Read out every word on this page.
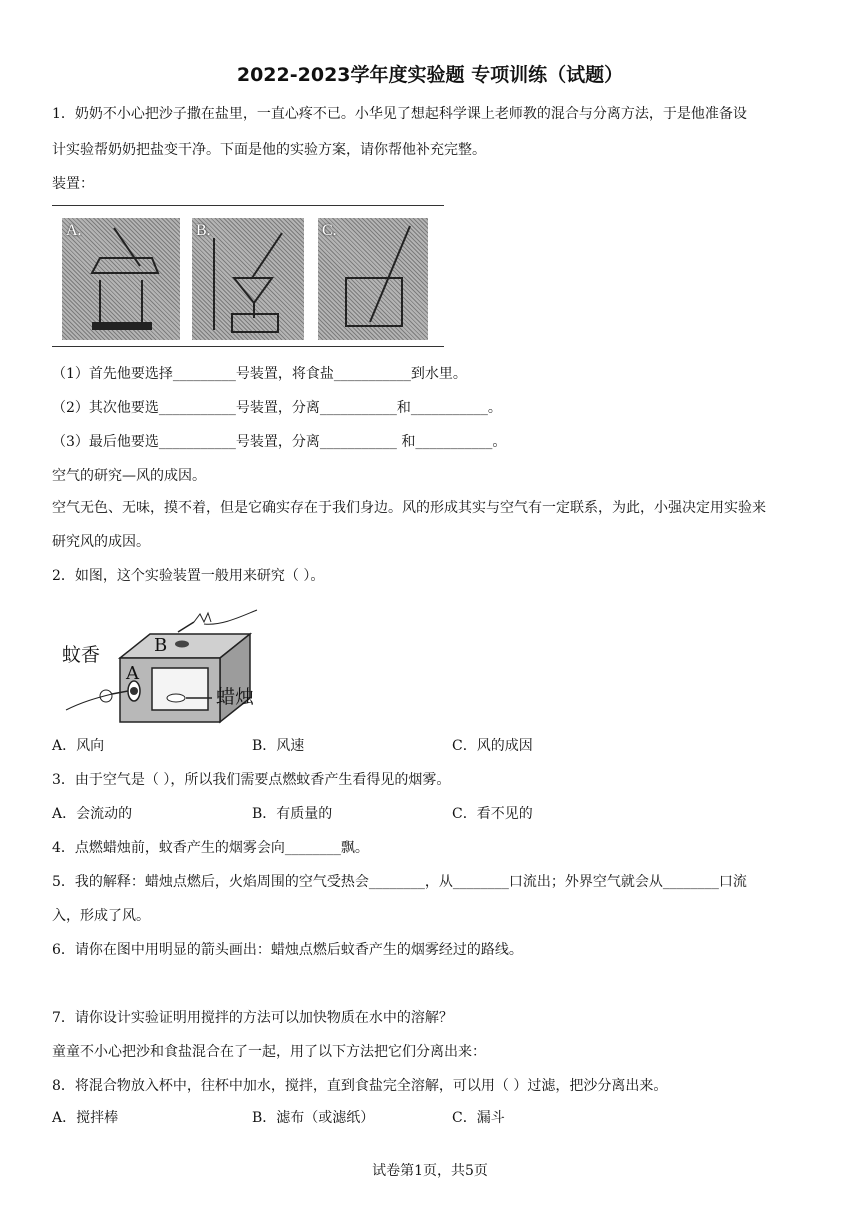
2022-2023学年度实验题 专项训练（试题）
1．奶奶不小心把沙子撒在盐里，一直心疼不已。小华见了想起科学课上老师教的混合与分离方法，于是他准备设
计实验帮奶奶把盐变干净。下面是他的实验方案，请你帮他补充完整。
装置：
A.	B.	C.
（1）首先他要选择_________号装置，将食盐___________到水里。
（2）其次他要选___________号装置，分离___________和___________。
（3）最后他要选___________号装置，分离___________ 和___________。
空气的研究—风的成因。
空气无色、无味，摸不着，但是它确实存在于我们身边。风的形成其实与空气有一定联系，为此，小强决定用实验来
研究风的成因。
2．如图，这个实验装置一般用来研究（ ）。
蚊香
A
B
蜡烛
A．风向	B．风速	C．风的成因
3．由于空气是（ ），所以我们需要点燃蚊香产生看得见的烟雾。
A．会流动的	B．有质量的	C．看不见的
4．点燃蜡烛前，蚊香产生的烟雾会向________飘。
5．我的解释：蜡烛点燃后，火焰周围的空气受热会________，从________口流出；外界空气就会从________口流
入，形成了风。
6．请你在图中用明显的箭头画出：蜡烛点燃后蚊香产生的烟雾经过的路线。
7．请你设计实验证明用搅拌的方法可以加快物质在水中的溶解？
童童不小心把沙和食盐混合在了一起，用了以下方法把它们分离出来：
8．将混合物放入杯中，往杯中加水，搅拌，直到食盐完全溶解，可以用（ ）过滤，把沙分离出来。
A．搅拌棒	B．滤布（或滤纸）	C．漏斗
试卷第1页，共5页
